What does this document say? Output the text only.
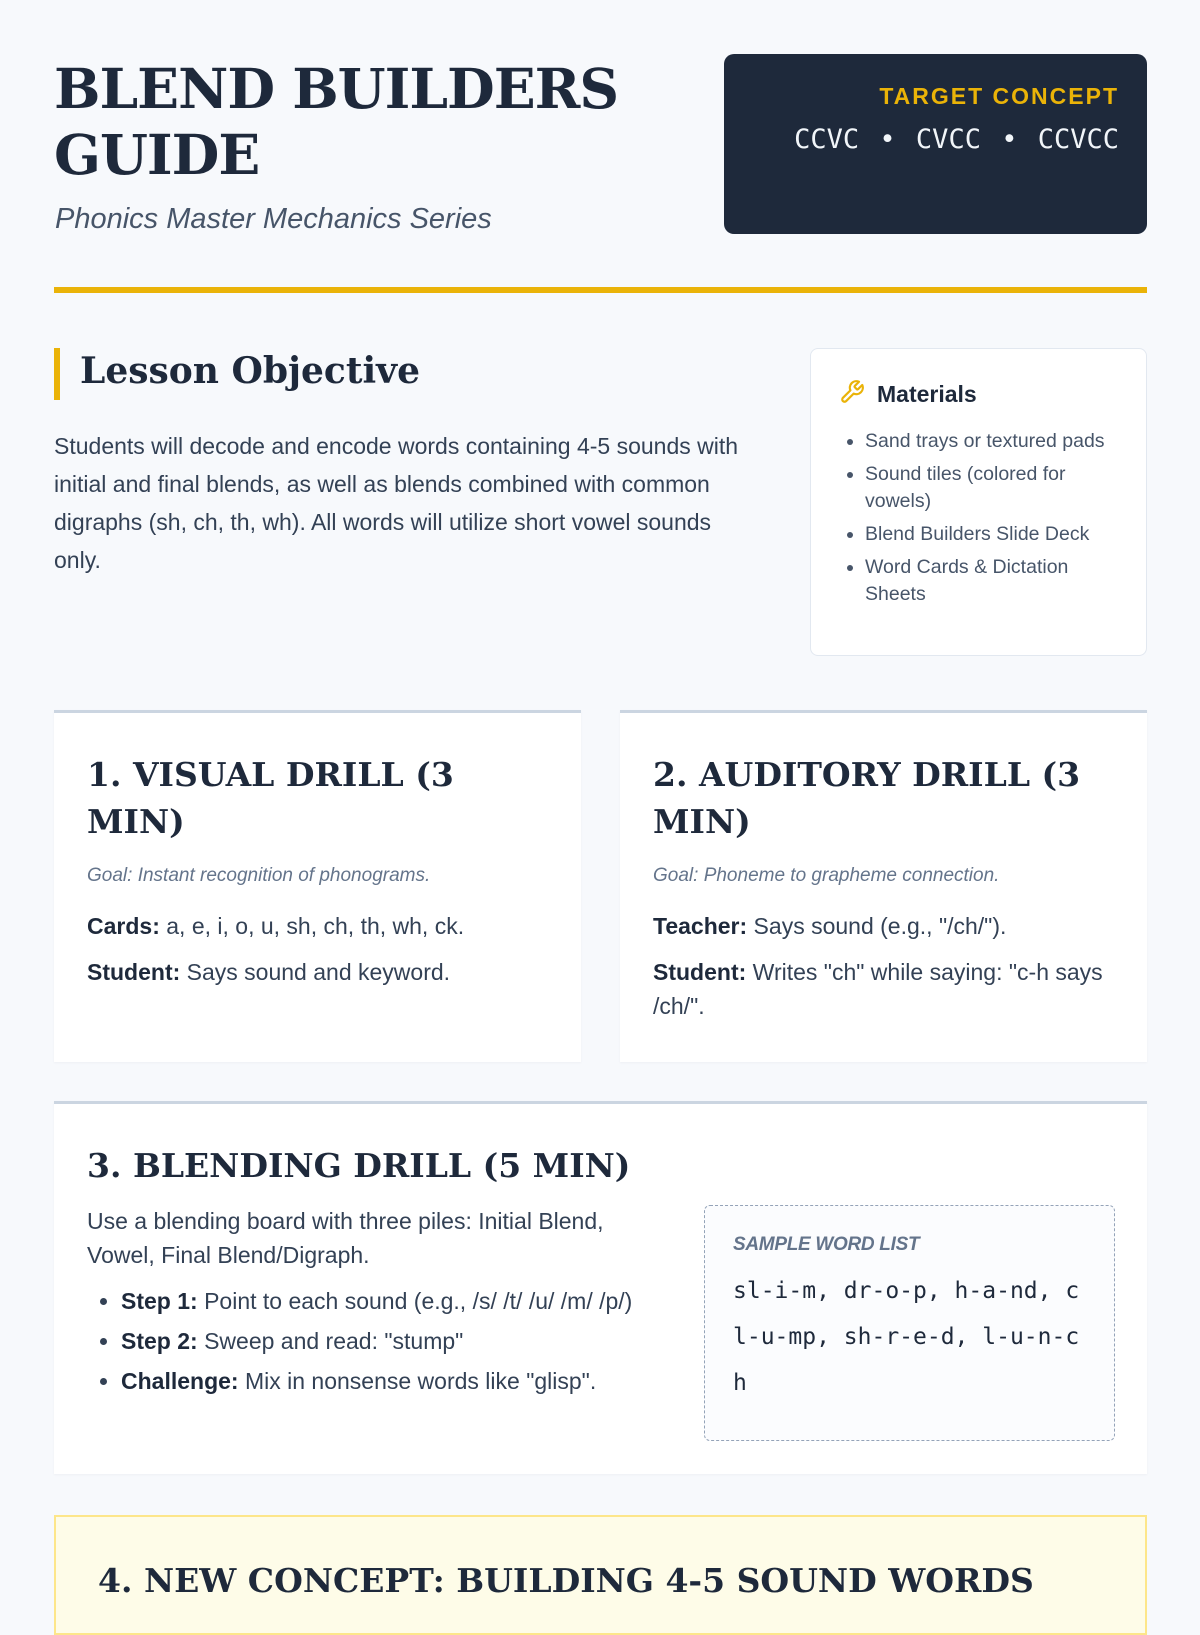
BLEND BUILDERS GUIDE

Phonics Master Mechanics Series

TARGET CONCEPT
CCVC • CVCC • CCVCC
Lesson Objective

Students will decode and encode words containing 4-5 sounds with initial and final blends, as well as blends combined with common digraphs (sh, ch, th, wh). All words will utilize short vowel sounds only.

Materials
• Sand trays or textured pads
• Sound tiles (colored for vowels)
• Blend Builders Slide Deck
• Word Cards & Dictation Sheets
1. VISUAL DRILL (3 MIN)

Goal: Instant recognition of phonograms.

Cards: a, e, i, o, u, sh, ch, th, wh, ck.

Student: Says sound and keyword.

2. AUDITORY DRILL (3 MIN)

Goal: Phoneme to grapheme connection.

Teacher: Says sound (e.g., "/ch/").

Student: Writes "ch" while saying: "c-h says /ch/".

3. BLENDING DRILL (5 MIN)

Use a blending board with three piles: Initial Blend, Vowel, Final Blend/Digraph.

• Step 1: Point to each sound (e.g., /s/ /t/ /u/ /m/ /p/)
• Step 2: Sweep and read: "stump"
• Challenge: Mix in nonsense words like "glisp".
SAMPLE WORD LIST
sl-i-m, dr-o-p, h-a-nd, cl-u-mp, sh-r-e-d, l-u-n-ch
4. NEW CONCEPT: BUILDING 4-5 SOUND WORDS
